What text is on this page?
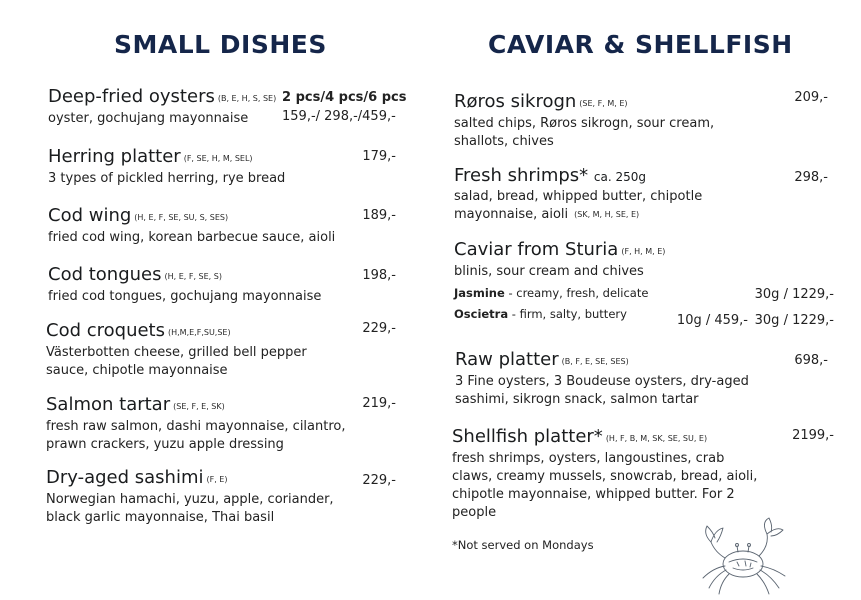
SMALL DISHES	CAVIAR & SHELLFISH
Deep-fried oysters (B, E, H, S, SE)
oyster, gochujang mayonnaise
2 pcs/4 pcs/6 pcs
159,-/ 298,-/459,-
Herring platter (F, SE, H, M, SEL)
3 types of pickled herring, rye bread
179,-
Cod wing (H, E, F, SE, SU, S, SES)
fried cod wing, korean barbecue sauce, aioli
189,-
Cod tongues (H, E, F, SE, S)
fried cod tongues, gochujang mayonnaise
198,-
Cod croquets (H,M,E,F,SU,SE)
Västerbotten cheese, grilled bell pepper
sauce, chipotle mayonnaise
229,-
Salmon tartar (SE, F, E, SK)
fresh raw salmon, dashi mayonnaise, cilantro,
prawn crackers, yuzu apple dressing
219,-
Dry-aged sashimi (F, E)
Norwegian hamachi, yuzu, apple, coriander,
black garlic mayonnaise, Thai basil
229,-
Røros sikrogn (SE, F, M, E)
salted chips, Røros sikrogn, sour cream,
shallots, chives
209,-
Fresh shrimps* ca. 250g
salad, bread, whipped butter, chipotle
mayonnaise, aioli (SK, M, H, SE, E)
298,-
Caviar from Sturia (F, H, M, E)
blinis, sour cream and chives
Jasmine - creamy, fresh, delicate	30g / 1229,-
Oscietra - firm, salty, buttery	10g / 459,- 30g / 1229,-
Raw platter (B, F, E, SE, SES)
3 Fine oysters, 3 Boudeuse oysters, dry-aged
sashimi, sikrogn snack, salmon tartar
698,-
Shellfish platter* (H, F, B, M, SK, SE, SU, E)
fresh shrimps, oysters, langoustines, crab
claws, creamy mussels, snowcrab, bread, aioli,
chipotle mayonnaise, whipped butter. For 2
people
2199,-
*Not served on Mondays
